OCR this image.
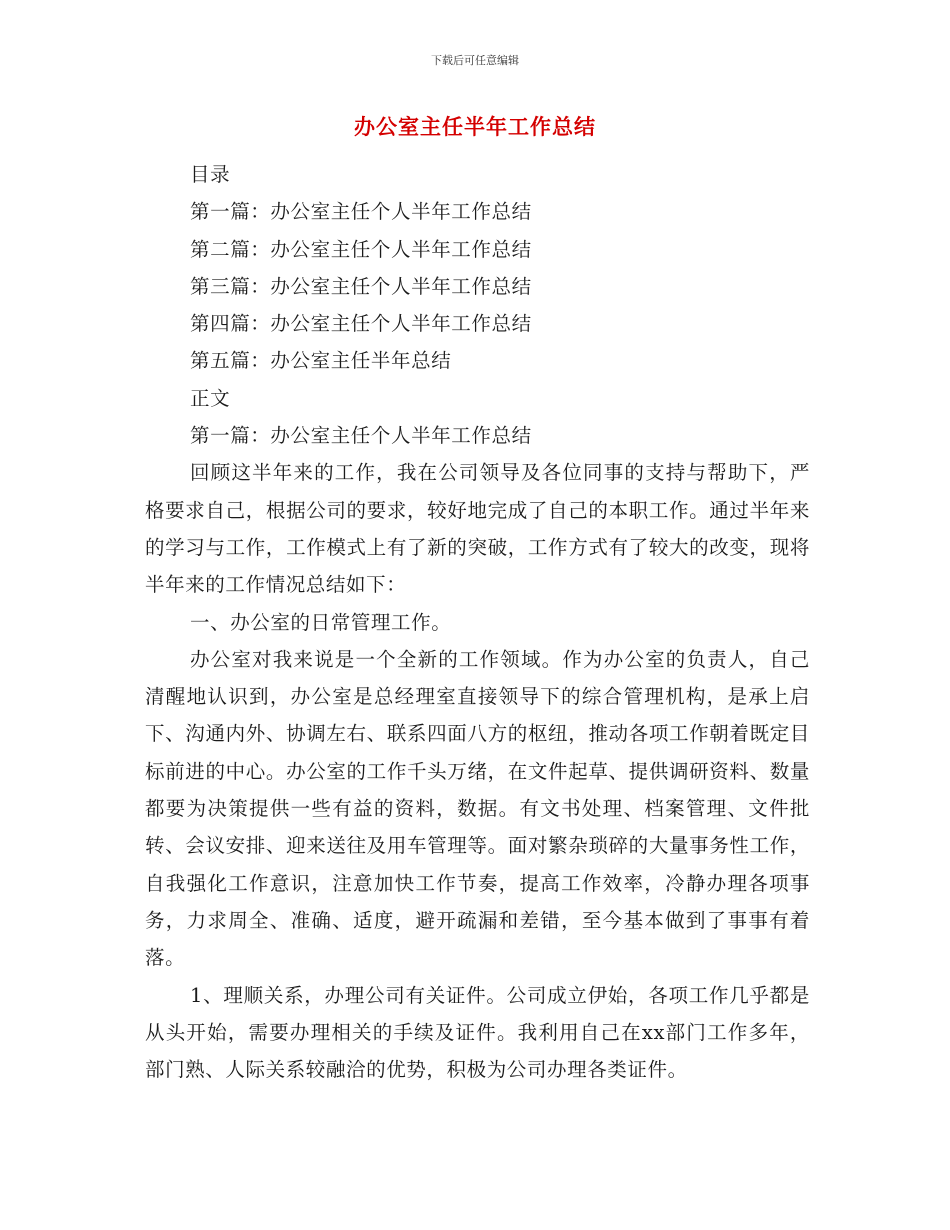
下载后可任意编辑
办公室主任半年工作总结

目录

第一篇：办公室主任个人半年工作总结

第二篇：办公室主任个人半年工作总结

第三篇：办公室主任个人半年工作总结

第四篇：办公室主任个人半年工作总结

第五篇：办公室主任半年总结

正文

第一篇：办公室主任个人半年工作总结

回顾这半年来的工作，我在公司领导及各位同事的支持与帮助下，严格要求自己，根据公司的要求，较好地完成了自己的本职工作。通过半年来的学习与工作，工作模式上有了新的突破，工作方式有了较大的改变，现将半年来的工作情况总结如下：

一、办公室的日常管理工作。

办公室对我来说是一个全新的工作领域。作为办公室的负责人，自己清醒地认识到，办公室是总经理室直接领导下的综合管理机构，是承上启下、沟通内外、协调左右、联系四面八方的枢纽，推动各项工作朝着既定目标前进的中心。办公室的工作千头万绪，在文件起草、提供调研资料、数量都要为决策提供一些有益的资料，数据。有文书处理、档案管理、文件批转、会议安排、迎来送往及用车管理等。面对繁杂琐碎的大量事务性工作，自我强化工作意识，注意加快工作节奏，提高工作效率，冷静办理各项事务，力求周全、准确、适度，避开疏漏和差错，至今基本做到了事事有着落。

1、理顺关系，办理公司有关证件。公司成立伊始，各项工作几乎都是从头开始，需要办理相关的手续及证件。我利用自己在xx部门工作多年，部门熟、人际关系较融洽的优势，积极为公司办理各类证件。
